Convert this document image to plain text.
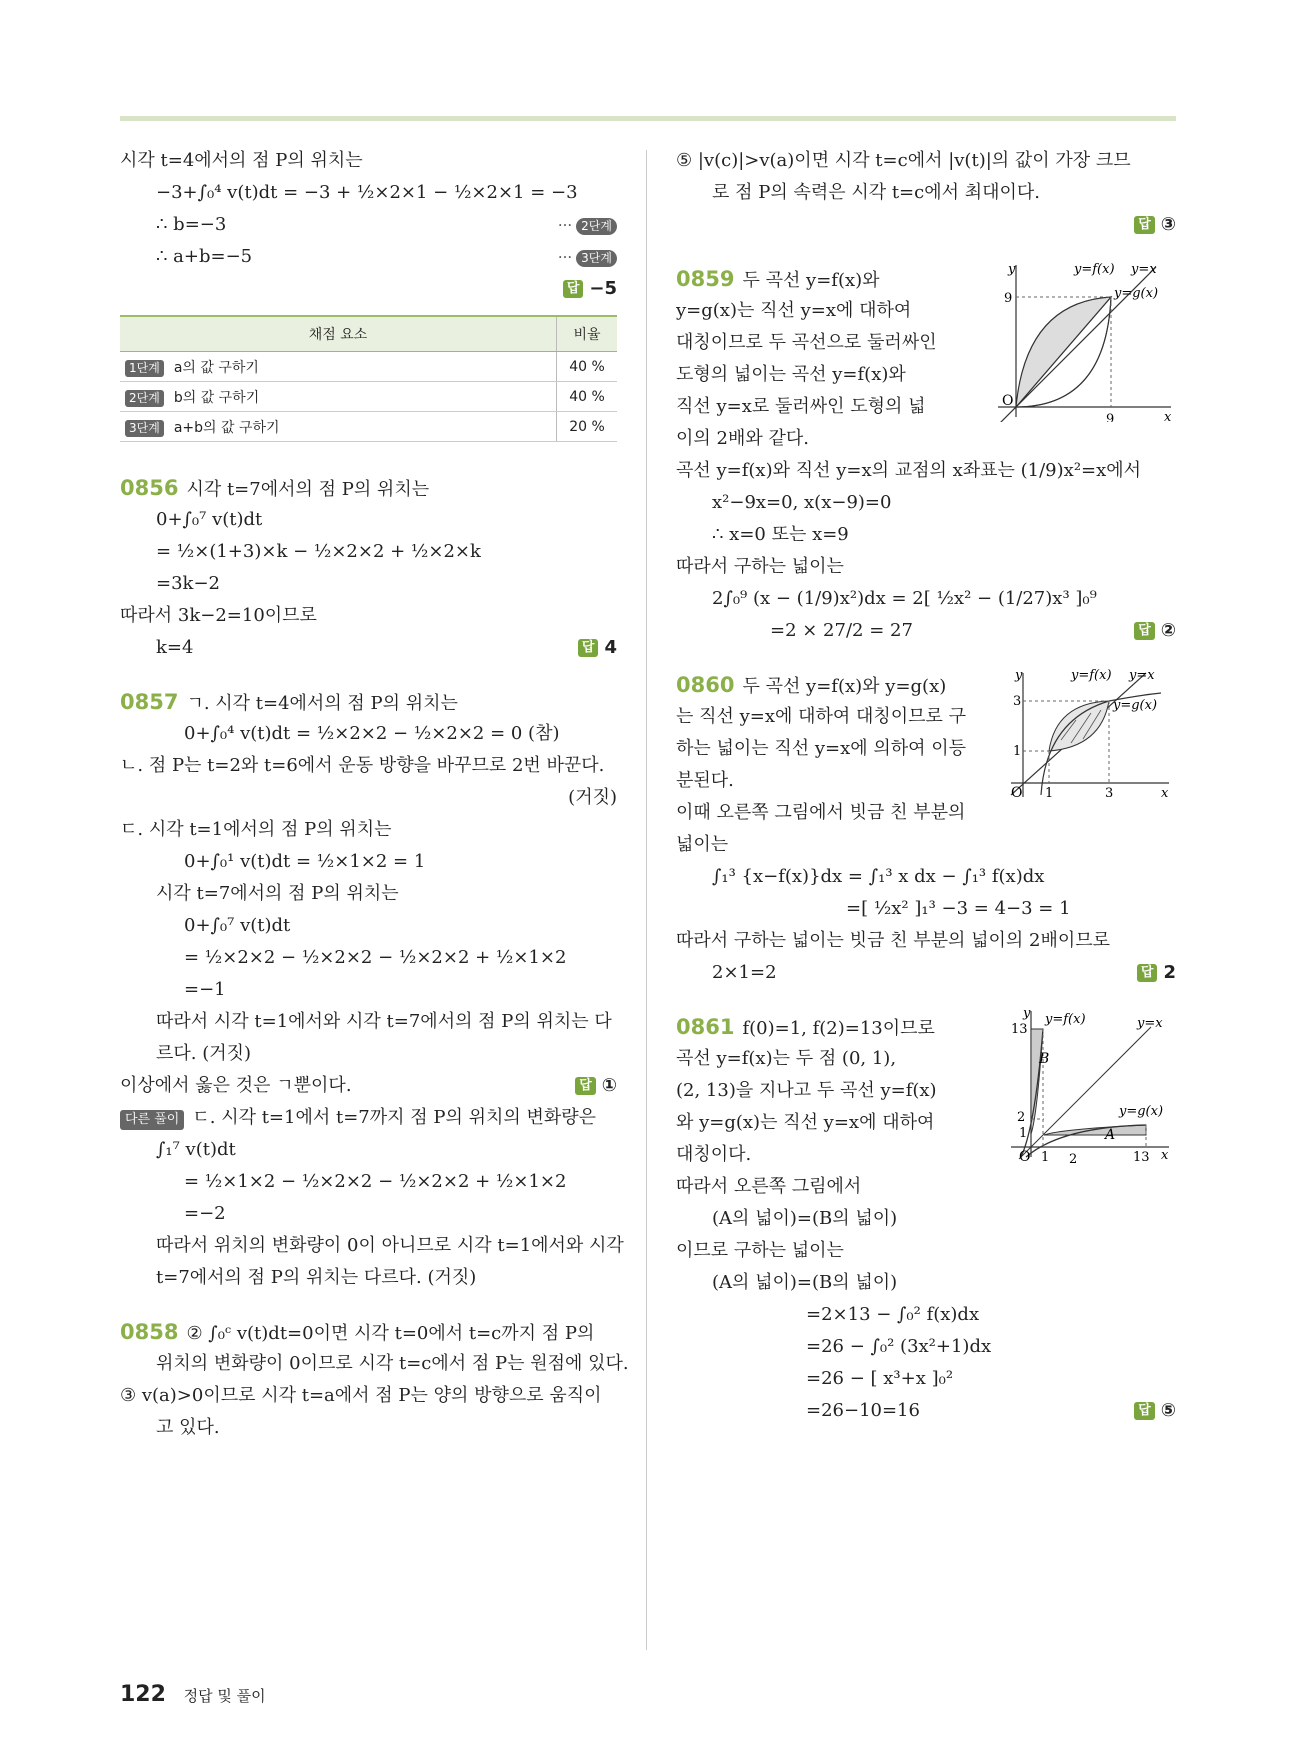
시각 t=4에서의 점 P의 위치는
−3+∫₀⁴ v(t)dt = −3 + ½×2×1 − ½×2×1 = −3
∴ b=−3	··· 2단계
∴ a+b=−5	··· 3단계
답 −5
채점 요소	비율
1단계 a의 값 구하기	40 %
2단계 b의 값 구하기	40 %
3단계 a+b의 값 구하기	20 %
0856 시각 t=7에서의 점 P의 위치는
0+∫₀⁷ v(t)dt
= ½×(1+3)×k − ½×2×2 + ½×2×k
=3k−2
따라서 3k−2=10이므로
k=4	답 4
0857 ㄱ. 시각 t=4에서의 점 P의 위치는
0+∫₀⁴ v(t)dt = ½×2×2 − ½×2×2 = 0 (참)
ㄴ. 점 P는 t=2와 t=6에서 운동 방향을 바꾸므로 2번 바꾼다.
(거짓)
ㄷ. 시각 t=1에서의 점 P의 위치는
0+∫₀¹ v(t)dt = ½×1×2 = 1
시각 t=7에서의 점 P의 위치는
0+∫₀⁷ v(t)dt
= ½×2×2 − ½×2×2 − ½×2×2 + ½×1×2
=−1
따라서 시각 t=1에서와 시각 t=7에서의 점 P의 위치는 다
르다. (거짓)
이상에서 옳은 것은 ㄱ뿐이다.	답 ①
다른 풀이 ㄷ. 시각 t=1에서 t=7까지 점 P의 위치의 변화량은
∫₁⁷ v(t)dt
= ½×1×2 − ½×2×2 − ½×2×2 + ½×1×2
=−2
따라서 위치의 변화량이 0이 아니므로 시각 t=1에서와 시각
t=7에서의 점 P의 위치는 다르다. (거짓)
0858 ② ∫₀ᶜ v(t)dt=0이면 시각 t=0에서 t=c까지 점 P의
위치의 변화량이 0이므로 시각 t=c에서 점 P는 원점에 있다.
③ v(a)>0이므로 시각 t=a에서 점 P는 양의 방향으로 움직이
고 있다.
⑤ |v(c)|>v(a)이면 시각 t=c에서 |v(t)|의 값이 가장 크므
로 점 P의 속력은 시각 t=c에서 최대이다.
답 ③
y
x
O
9
9
y=f(x) y=x
y=g(x)
0859 두 곡선 y=f(x)와
y=g(x)는 직선 y=x에 대하여
대칭이므로 두 곡선으로 둘러싸인
도형의 넓이는 곡선 y=f(x)와
직선 y=x로 둘러싸인 도형의 넓
이의 2배와 같다.
곡선 y=f(x)와 직선 y=x의 교점의 x좌표는 (1/9)x²=x에서
x²−9x=0, x(x−9)=0
∴ x=0 또는 x=9
따라서 구하는 넓이는
2∫₀⁹ (x − (1/9)x²)dx = 2[ ½x² − (1/27)x³ ]₀⁹
=2 × 27/2 = 27	답 ②
y
x
O
3
1
1	3
y=f(x) y=x
y=g(x)
0860 두 곡선 y=f(x)와 y=g(x)
는 직선 y=x에 대하여 대칭이므로 구
하는 넓이는 직선 y=x에 의하여 이등
분된다.
이때 오른쪽 그림에서 빗금 친 부분의
넓이는
∫₁³ {x−f(x)}dx = ∫₁³ x dx − ∫₁³ f(x)dx
=[ ½x² ]₁³ −3 = 4−3 = 1
따라서 구하는 넓이는 빗금 친 부분의 넓이의 2배이므로
2×1=2	답 2
y
x
O
13
2
1
1 2	13
y=f(x)	y=x
y=g(x)
A
B
0861 f(0)=1, f(2)=13이므로
곡선 y=f(x)는 두 점 (0, 1),
(2, 13)을 지나고 두 곡선 y=f(x)
와 y=g(x)는 직선 y=x에 대하여
대칭이다.
따라서 오른쪽 그림에서
(A의 넓이)=(B의 넓이)
이므로 구하는 넓이는
(A의 넓이)=(B의 넓이)
=2×13 − ∫₀² f(x)dx
=26 − ∫₀² (3x²+1)dx
=26 − [ x³+x ]₀²
=26−10=16	답 ⑤
122 정답 및 풀이
